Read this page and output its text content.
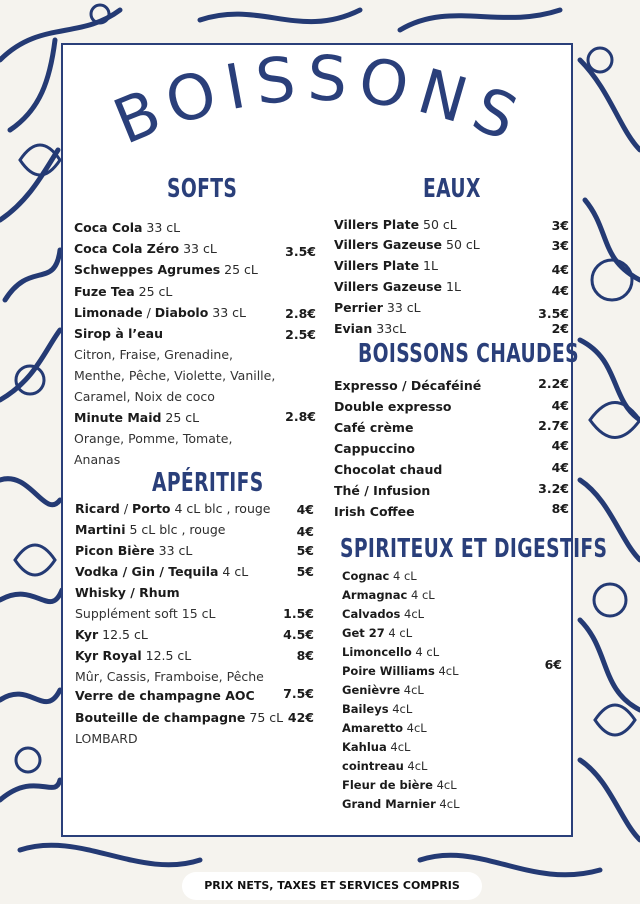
BOISSONS
SOFTS
Coca Cola 33 cL
Coca Cola Zéro 33 cL
Schweppes Agrumes 25 cL
Fuze Tea 25 cL
Limonade / Diabolo 33 cL
Sirop à l’eau
Citron, Fraise, Grenadine,
Menthe, Pêche, Violette, Vanille,
Caramel, Noix de coco
Minute Maid 25 cL
Orange, Pomme, Tomate,
Ananas
3.5€
2.8€
2.5€
2.8€
APÉRITIFS
Ricard / Porto 4 cL blc , rouge
Martini 5 cL blc , rouge
Picon Bière 33 cL
Vodka / Gin / Tequila 4 cL
Whisky / Rhum
Supplément soft 15 cL
Kyr 12.5 cL
Kyr Royal 12.5 cL
Mûr, Cassis, Framboise, Pêche
Verre de champagne AOC
Bouteille de champagne 75 cL
LOMBARD
4€
4€
5€
5€
1.5€
4.5€
8€
7.5€
42€
EAUX
Villers Plate 50 cL
Villers Gazeuse 50 cL
Villers Plate 1L
Villers Gazeuse 1L
Perrier 33 cL
Evian 33cL
3€
3€
4€
4€
3.5€
2€
BOISSONS CHAUDES
Expresso / Décaféiné
Double expresso
Café crème
Cappuccino
Chocolat chaud
Thé / Infusion
Irish Coffee
2.2€
4€
2.7€
4€
4€
3.2€
8€
SPIRITEUX ET DIGESTIFS
Cognac 4 cL
Armagnac 4 cL
Calvados 4cL
Get 27 4 cL
Limoncello 4 cL
Poire Williams 4cL
Genièvre 4cL
Baileys 4cL
Amaretto 4cL
Kahlua 4cL
cointreau 4cL
Fleur de bière 4cL
Grand Marnier 4cL
6€
PRIX NETS, TAXES ET SERVICES COMPRIS
